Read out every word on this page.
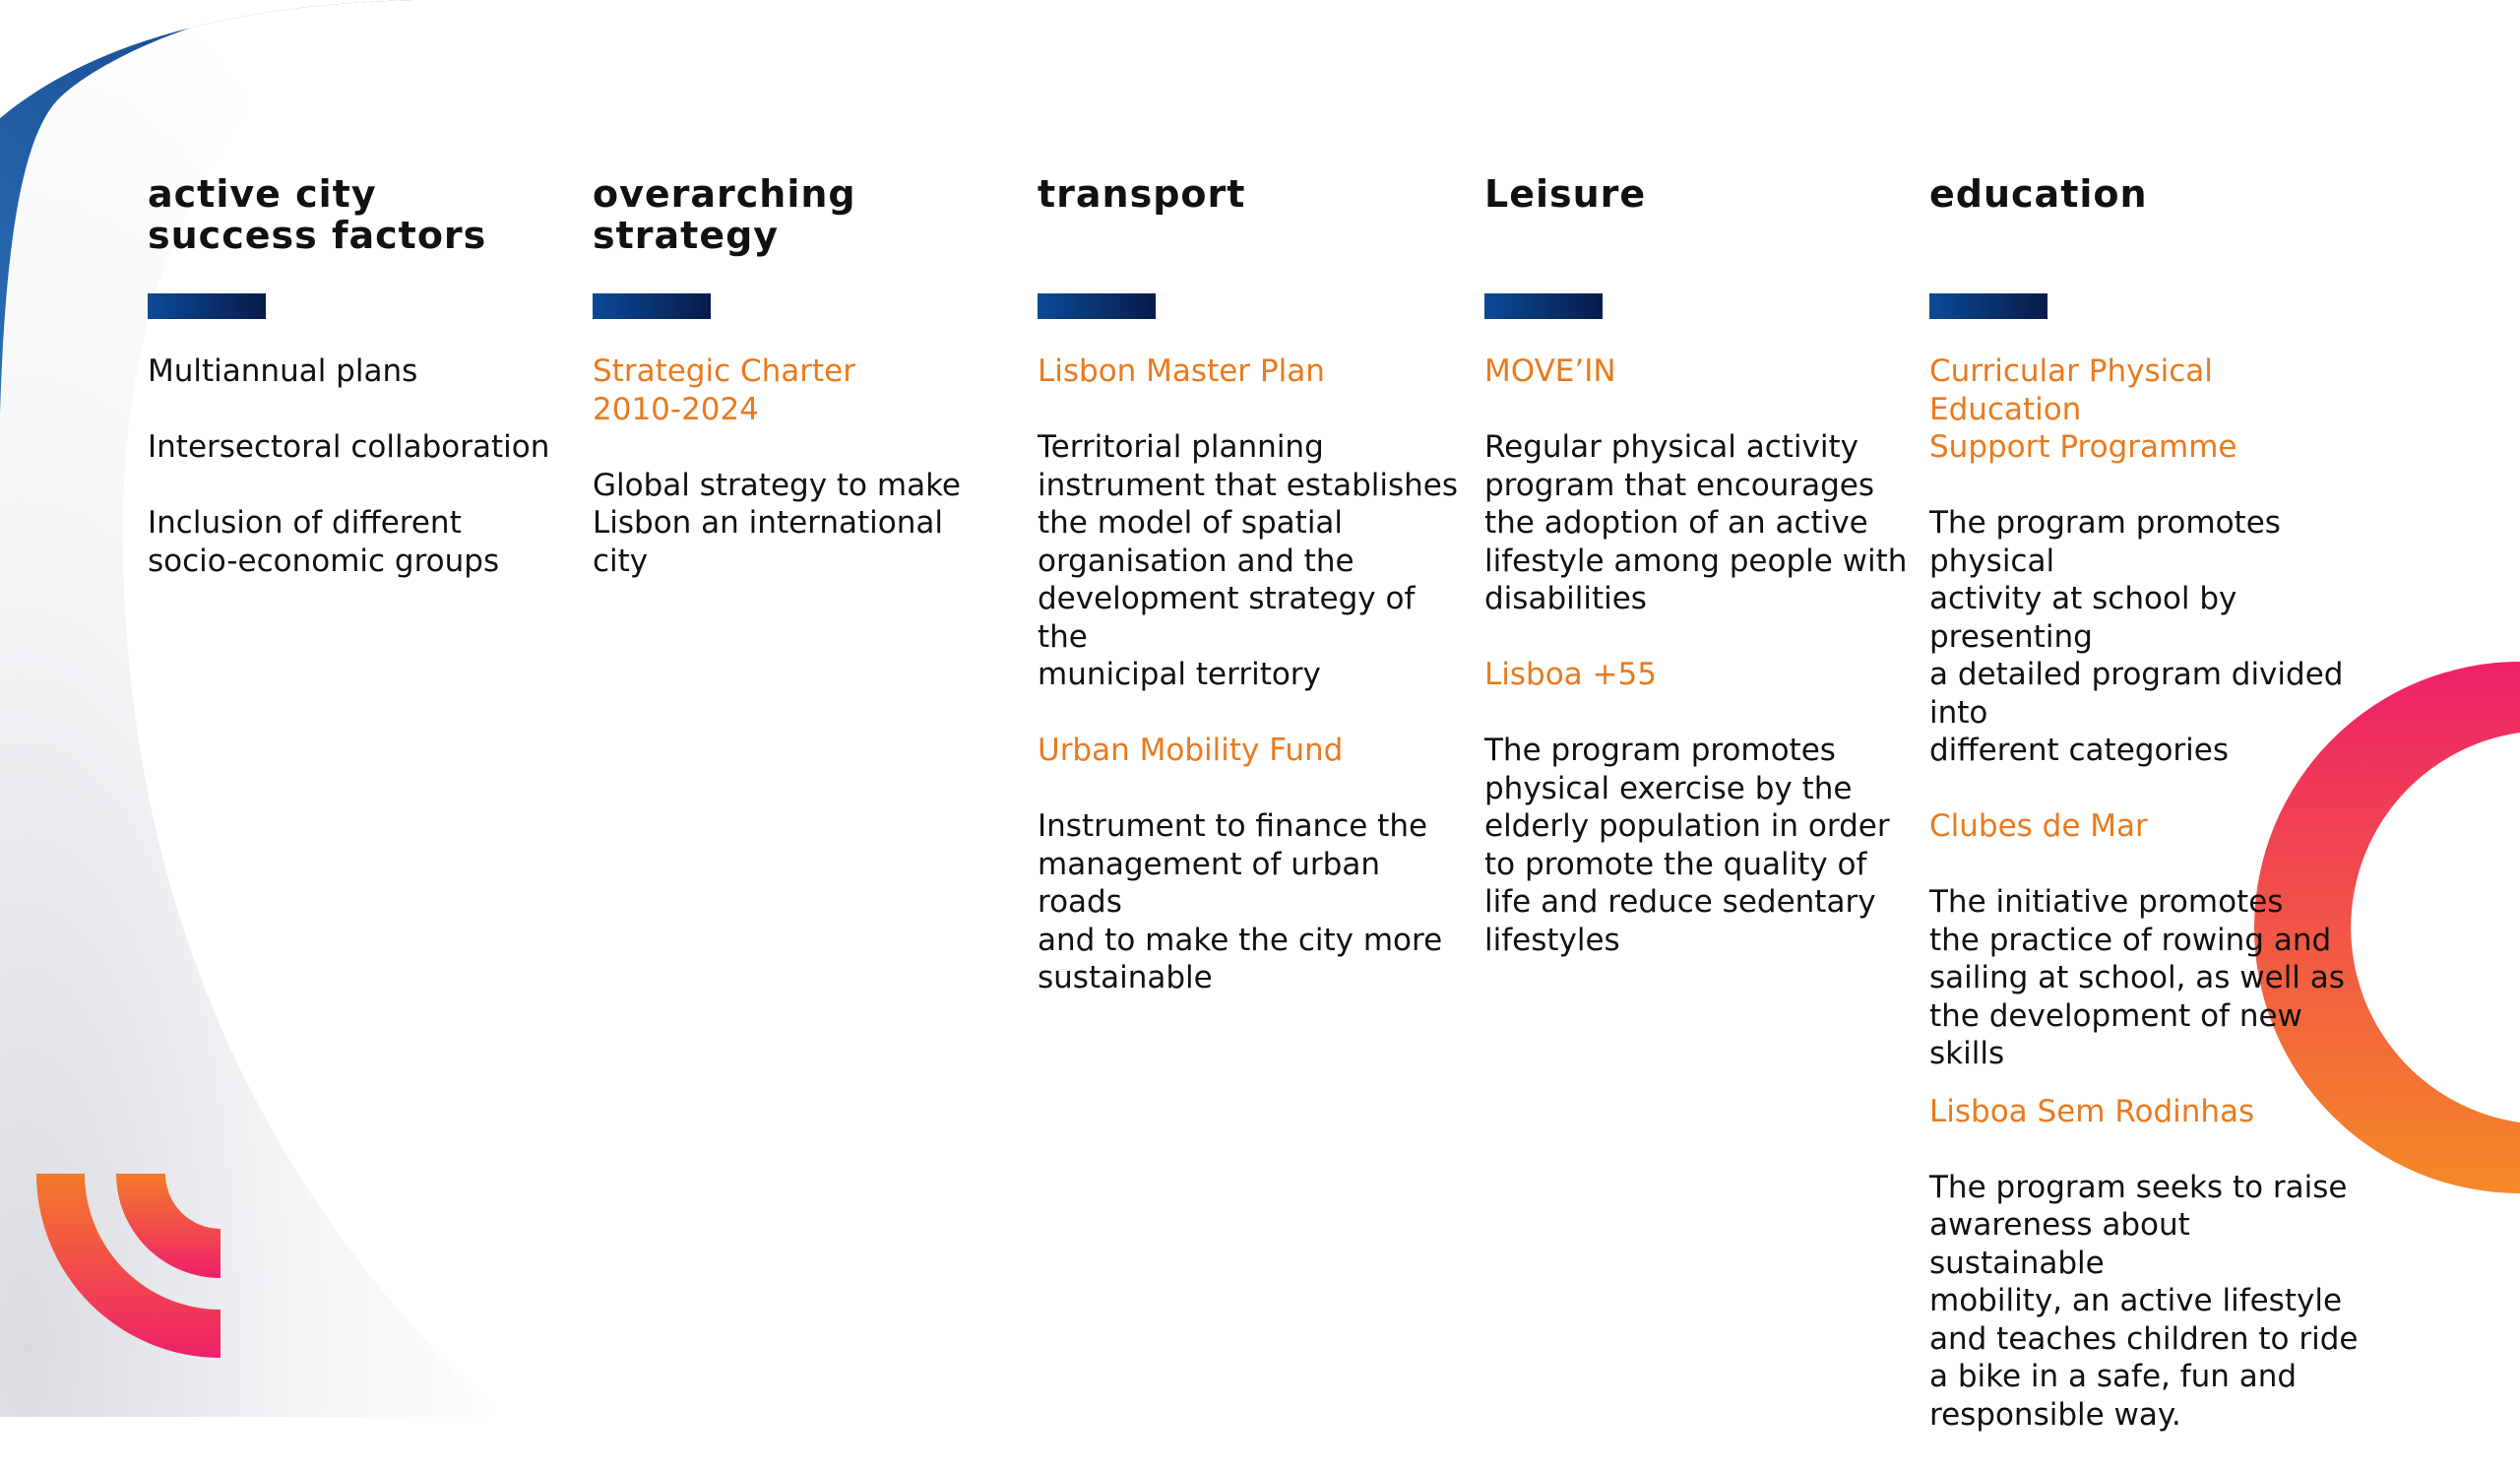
active city
success factors

Multiannual plans

Intersectoral collaboration

Inclusion of different
socio-economic groups

overarching
strategy

Strategic Charter
2010-2024

Global strategy to make
Lisbon an international city

transport

Lisbon Master Plan

Territorial planning
instrument that establishes
the model of spatial
organisation and the
development strategy of the
municipal territory

Urban Mobility Fund

Instrument to finance the
management of urban roads
and to make the city more
sustainable

Leisure

MOVE’IN

Regular physical activity
program that encourages
the adoption of an active
lifestyle among people with
disabilities

Lisboa +55

The program promotes
physical exercise by the
elderly population in order
to promote the quality of
life and reduce sedentary
lifestyles

education

Curricular Physical Education
Support Programme

The program promotes physical
activity at school by presenting
a detailed program divided into
different categories

Clubes de Mar

The initiative promotes
the practice of rowing and
sailing at school, as well as
the development of new
skills

Lisboa Sem Rodinhas

The program seeks to raise
awareness about sustainable
mobility, an active lifestyle
and teaches children to ride
a bike in a safe, fun and
responsible way.
